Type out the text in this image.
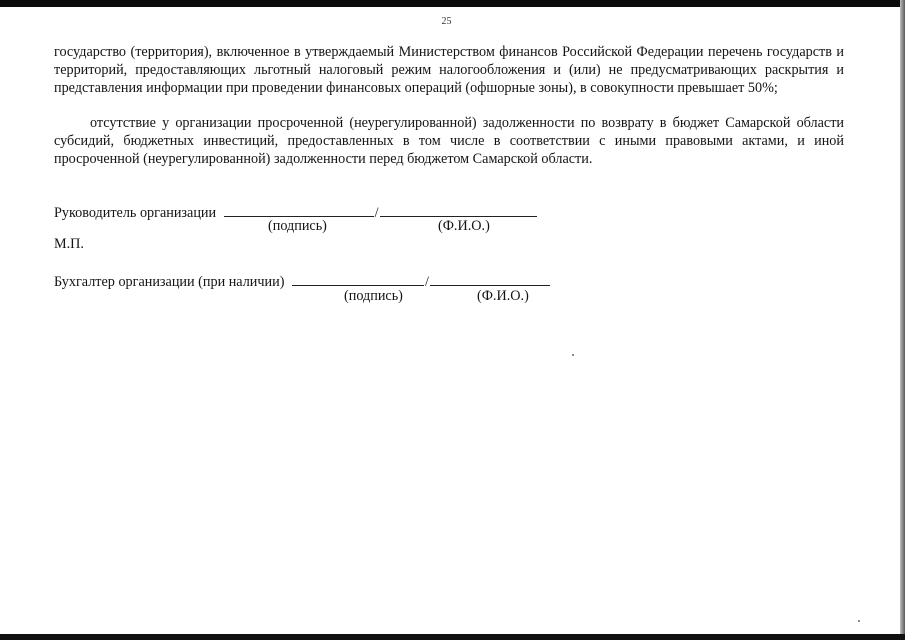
25

государство (территория), включенное в утверждаемый Министерством финансов Российской Федерации перечень государств и территорий, предоставляющих льготный налоговый режим налогообложения и (или) не предусматривающих раскрытия и представления информации при проведении финансовых операций (офшорные зоны), в совокупности превышает 50%;

отсутствие у организации просроченной (неурегулированной) задолженности по возврату в бюджет Самарской области субсидий, бюджетных инвестиций, предоставленных в том числе в соответствии с иными правовыми актами, и иной просроченной (неурегулированной) задолженности перед бюджетом Самарской области.

Руководитель организации	/
(подпись)	(Ф.И.О.)
М.П.
Бухгалтер организации (при наличии)	/
(подпись)	(Ф.И.О.)
